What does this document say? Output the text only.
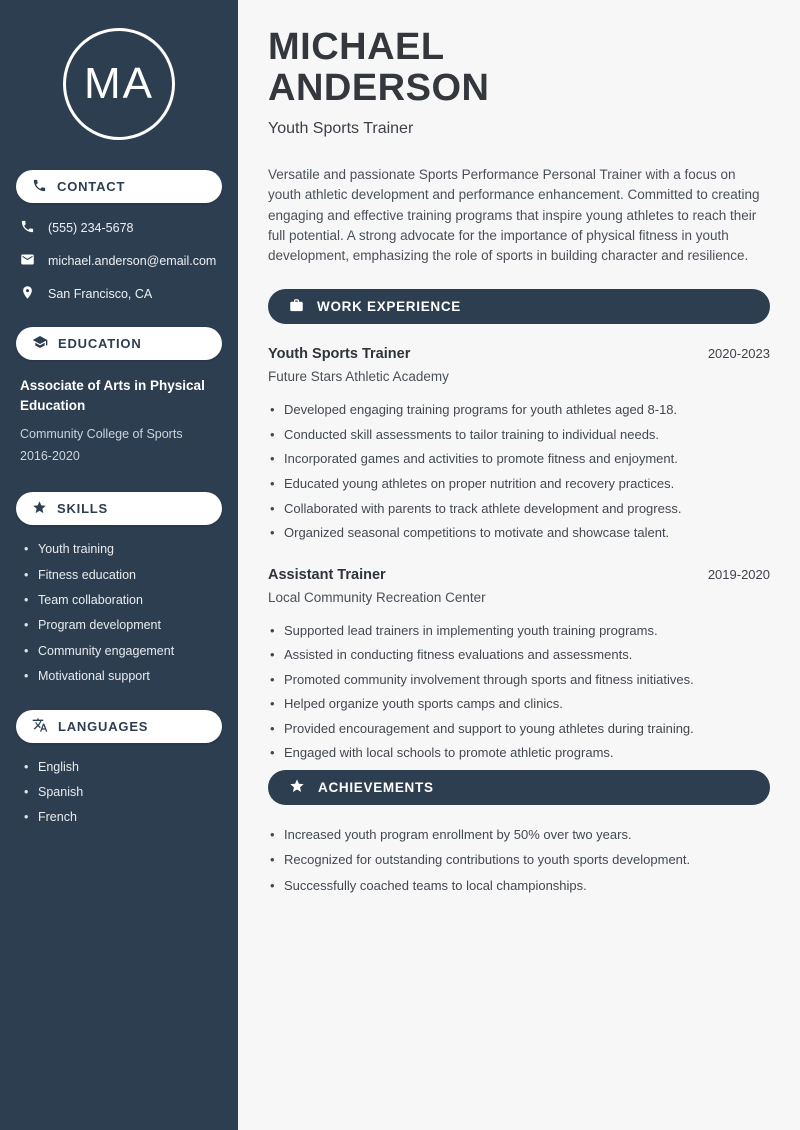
MA
CONTACT
(555) 234-5678
michael.anderson@email.com
San Francisco, CA
EDUCATION
Associate of Arts in Physical Education
Community College of Sports
2016-2020
SKILLS
• Youth training
• Fitness education
• Team collaboration
• Program development
• Community engagement
• Motivational support
LANGUAGES
• English
• Spanish
• French
MICHAEL
ANDERSON
Youth Sports Trainer

Versatile and passionate Sports Performance Personal Trainer with a focus on youth athletic development and performance enhancement. Committed to creating engaging and effective training programs that inspire young athletes to reach their full potential. A strong advocate for the importance of physical fitness in youth development, emphasizing the role of sports in building character and resilience.

WORK EXPERIENCE
Youth Sports Trainer	2020-2023
Future Stars Athletic Academy
• Developed engaging training programs for youth athletes aged 8-18.
• Conducted skill assessments to tailor training to individual needs.
• Incorporated games and activities to promote fitness and enjoyment.
• Educated young athletes on proper nutrition and recovery practices.
• Collaborated with parents to track athlete development and progress.
• Organized seasonal competitions to motivate and showcase talent.
Assistant Trainer	2019-2020
Local Community Recreation Center
• Supported lead trainers in implementing youth training programs.
• Assisted in conducting fitness evaluations and assessments.
• Promoted community involvement through sports and fitness initiatives.
• Helped organize youth sports camps and clinics.
• Provided encouragement and support to young athletes during training.
• Engaged with local schools to promote athletic programs.
ACHIEVEMENTS
• Increased youth program enrollment by 50% over two years.
• Recognized for outstanding contributions to youth sports development.
• Successfully coached teams to local championships.
